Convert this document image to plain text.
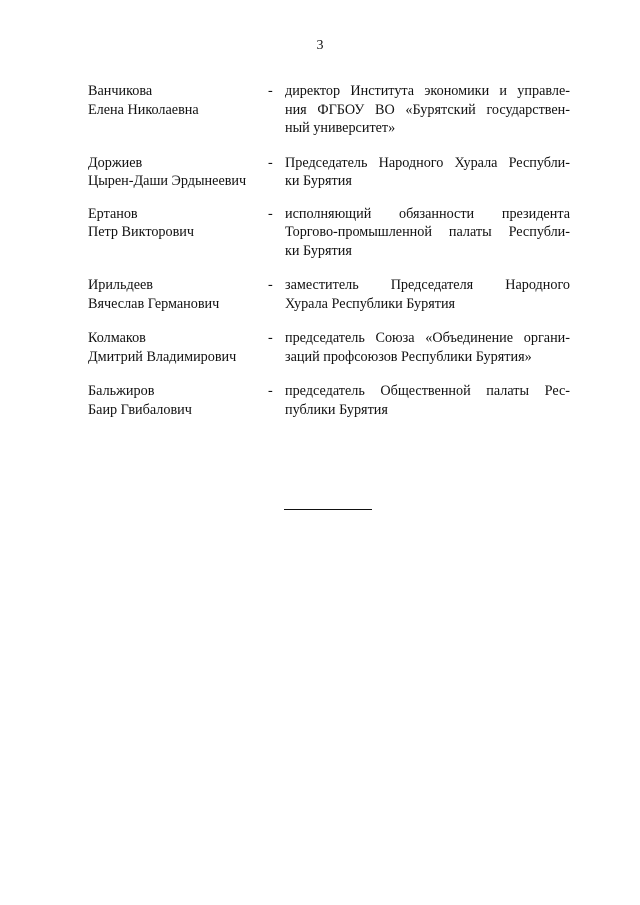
3
Ванчикова
Елена Николаевна
- директор Института экономики и управле-
ния ФГБОУ ВО «Бурятский государствен-
ный университет»
Доржиев
Цырен-Даши Эрдынеевич
- Председатель Народного Хурала Республи-
ки Бурятия
Ертанов
Петр Викторович
- исполняющий обязанности президента
Торгово-промышленной палаты Республи-
ки Бурятия
Ирильдеев
Вячеслав Германович
- заместитель Председателя Народного
Хурала Республики Бурятия
Колмаков
Дмитрий Владимирович
- председатель Союза «Объединение органи-
заций профсоюзов Республики Бурятия»
Бальжиров
Баир Гвибалович
- председатель Общественной палаты Рес-
публики Бурятия
